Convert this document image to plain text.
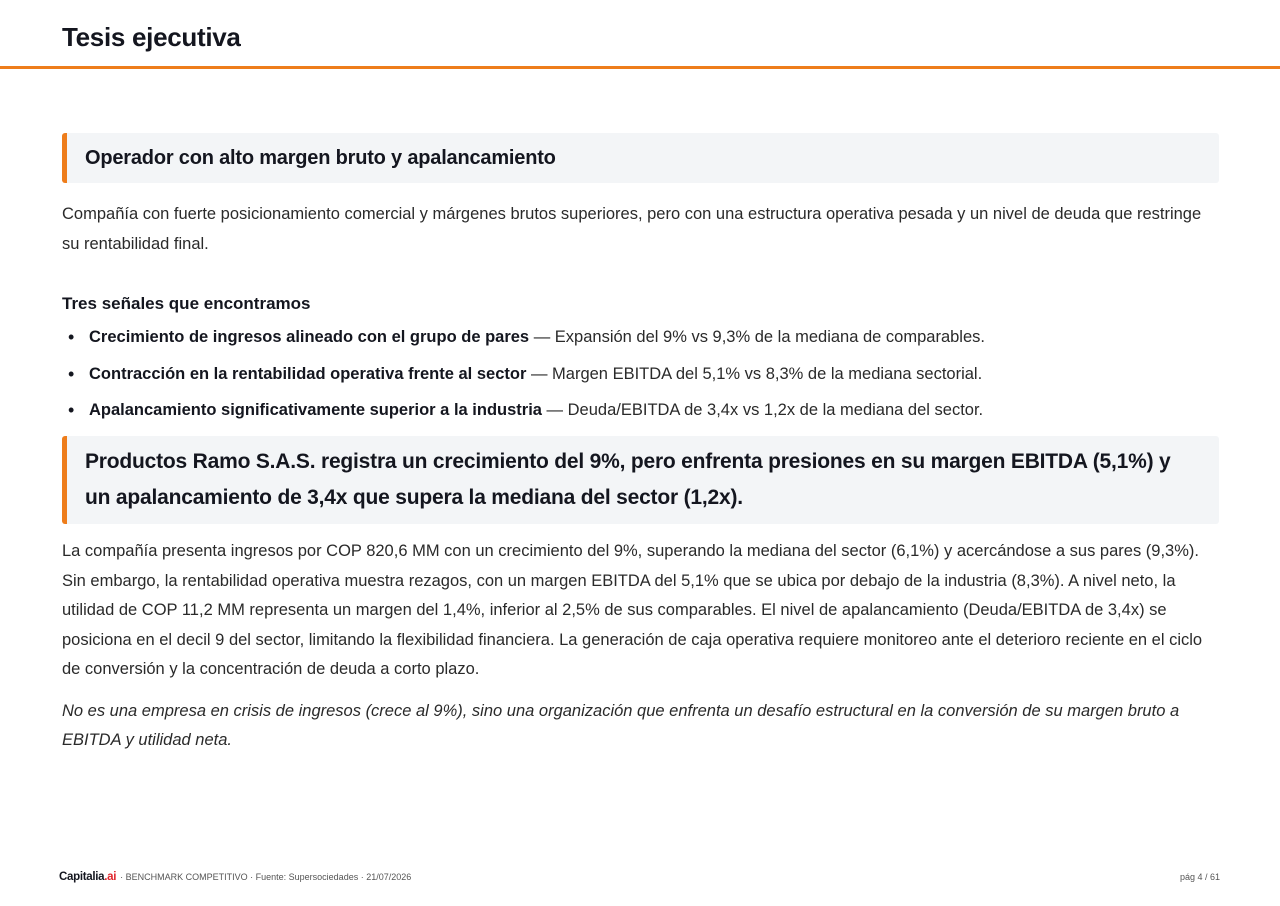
Tesis ejecutiva
Operador con alto margen bruto y apalancamiento

Compañía con fuerte posicionamiento comercial y márgenes brutos superiores, pero con una estructura operativa pesada y un nivel de deuda que restringe su rentabilidad final.

Tres señales que encontramos
• Crecimiento de ingresos alineado con el grupo de pares — Expansión del 9% vs 9,3% de la mediana de comparables.
• Contracción en la rentabilidad operativa frente al sector — Margen EBITDA del 5,1% vs 8,3% de la mediana sectorial.
• Apalancamiento significativamente superior a la industria — Deuda/EBITDA de 3,4x vs 1,2x de la mediana del sector.
Productos Ramo S.A.S. registra un crecimiento del 9%, pero enfrenta presiones en su margen EBITDA (5,1%) y un apalancamiento de 3,4x que supera la mediana del sector (1,2x).

La compañía presenta ingresos por COP 820,6 MM con un crecimiento del 9%, superando la mediana del sector (6,1%) y acercándose a sus pares (9,3%). Sin embargo, la rentabilidad operativa muestra rezagos, con un margen EBITDA del 5,1% que se ubica por debajo de la industria (8,3%). A nivel neto, la utilidad de COP 11,2 MM representa un margen del 1,4%, inferior al 2,5% de sus comparables. El nivel de apalancamiento (Deuda/EBITDA de 3,4x) se posiciona en el decil 9 del sector, limitando la flexibilidad financiera. La generación de caja operativa requiere monitoreo ante el deterioro reciente en el ciclo de conversión y la concentración de deuda a corto plazo.

No es una empresa en crisis de ingresos (crece al 9%), sino una organización que enfrenta un desafío estructural en la conversión de su margen bruto a EBITDA y utilidad neta.

Capitalia.ai · BENCHMARK COMPETITIVO · Fuente: Supersociedades · 21/07/2026	pág 4 / 61
